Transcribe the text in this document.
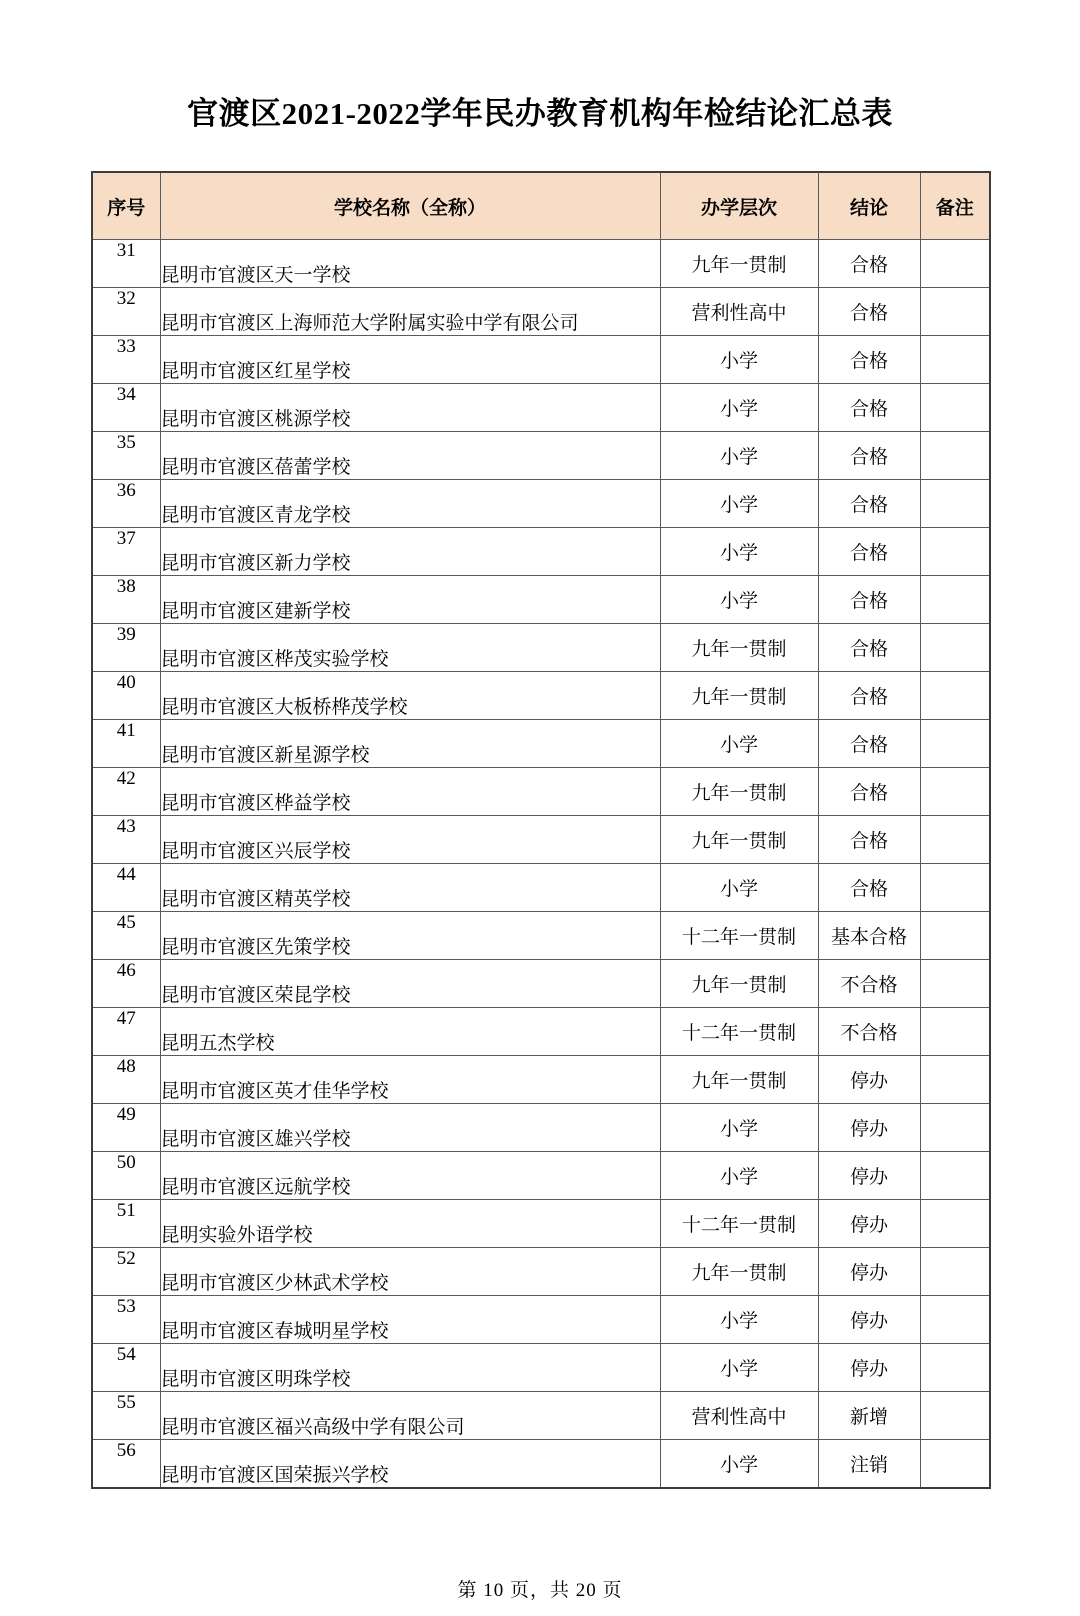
官渡区2021-2022学年民办教育机构年检结论汇总表
序号	学校名称（全称）	办学层次	结论	备注
31	昆明市官渡区天一学校	九年一贯制	合格	
32	昆明市官渡区上海师范大学附属实验中学有限公司	营利性高中	合格	
33	昆明市官渡区红星学校	小学	合格	
34	昆明市官渡区桃源学校	小学	合格	
35	昆明市官渡区蓓蕾学校	小学	合格	
36	昆明市官渡区青龙学校	小学	合格	
37	昆明市官渡区新力学校	小学	合格	
38	昆明市官渡区建新学校	小学	合格	
39	昆明市官渡区桦茂实验学校	九年一贯制	合格	
40	昆明市官渡区大板桥桦茂学校	九年一贯制	合格	
41	昆明市官渡区新星源学校	小学	合格	
42	昆明市官渡区桦益学校	九年一贯制	合格	
43	昆明市官渡区兴辰学校	九年一贯制	合格	
44	昆明市官渡区精英学校	小学	合格	
45	昆明市官渡区先策学校	十二年一贯制	基本合格	
46	昆明市官渡区荣昆学校	九年一贯制	不合格	
47	昆明五杰学校	十二年一贯制	不合格	
48	昆明市官渡区英才佳华学校	九年一贯制	停办	
49	昆明市官渡区雄兴学校	小学	停办	
50	昆明市官渡区远航学校	小学	停办	
51	昆明实验外语学校	十二年一贯制	停办	
52	昆明市官渡区少林武术学校	九年一贯制	停办	
53	昆明市官渡区春城明星学校	小学	停办	
54	昆明市官渡区明珠学校	小学	停办	
55	昆明市官渡区福兴高级中学有限公司	营利性高中	新增	
56	昆明市官渡区国荣振兴学校	小学	注销	
第 10 页，共 20 页
